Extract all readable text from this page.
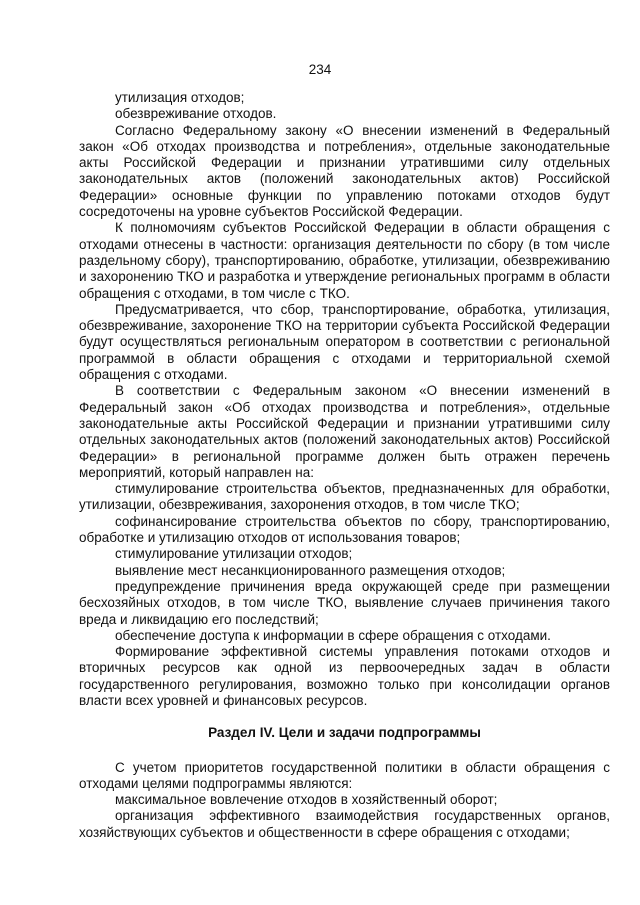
234

утилизация отходов;

обезвреживание отходов.

Согласно Федеральному закону «О внесении изменений в Федеральный закон «Об отходах производства и потребления», отдельные законодательные акты Российской Федерации и признании утратившими силу отдельных законодательных актов (положений законодательных актов) Российской Федерации» основные функции по управлению потоками отходов будут сосредоточены на уровне субъектов Российской Федерации.

К полномочиям субъектов Российской Федерации в области обращения с отходами отнесены в частности: организация деятельности по сбору (в том числе раздельному сбору), транспортированию, обработке, утилизации, обезвреживанию и захоронению ТКО и разработка и утверждение региональных программ в области обращения с отходами, в том числе с ТКО.

Предусматривается, что сбор, транспортирование, обработка, утилизация, обезвреживание, захоронение ТКО на территории субъекта Российской Федерации будут осуществляться региональным оператором в соответствии с региональной программой в области обращения с отходами и территориальной схемой обращения с отходами.

В соответствии с Федеральным законом «О внесении изменений в Федеральный закон «Об отходах производства и потребления», отдельные законодательные акты Российской Федерации и признании утратившими силу отдельных законодательных актов (положений законодательных актов) Российской Федерации» в региональной программе должен быть отражен перечень мероприятий, который направлен на:

стимулирование строительства объектов, предназначенных для обработки, утилизации, обезвреживания, захоронения отходов, в том числе ТКО;

софинансирование строительства объектов по сбору, транспортированию, обработке и утилизацию отходов от использования товаров;

стимулирование утилизации отходов;

выявление мест несанкционированного размещения отходов;

предупреждение причинения вреда окружающей среде при размещении бесхозяйных отходов, в том числе ТКО, выявление случаев причинения такого вреда и ликвидацию его последствий;

обеспечение доступа к информации в сфере обращения с отходами.

Формирование эффективной системы управления потоками отходов и вторичных ресурсов как одной из первоочередных задач в области государственного регулирования, возможно только при консолидации органов власти всех уровней и финансовых ресурсов.

Раздел IV. Цели и задачи подпрограммы

С учетом приоритетов государственной политики в области обращения с отходами целями подпрограммы являются:

максимальное вовлечение отходов в хозяйственный оборот;

организация эффективного взаимодействия государственных органов, хозяйствующих субъектов и общественности в сфере обращения с отходами;
